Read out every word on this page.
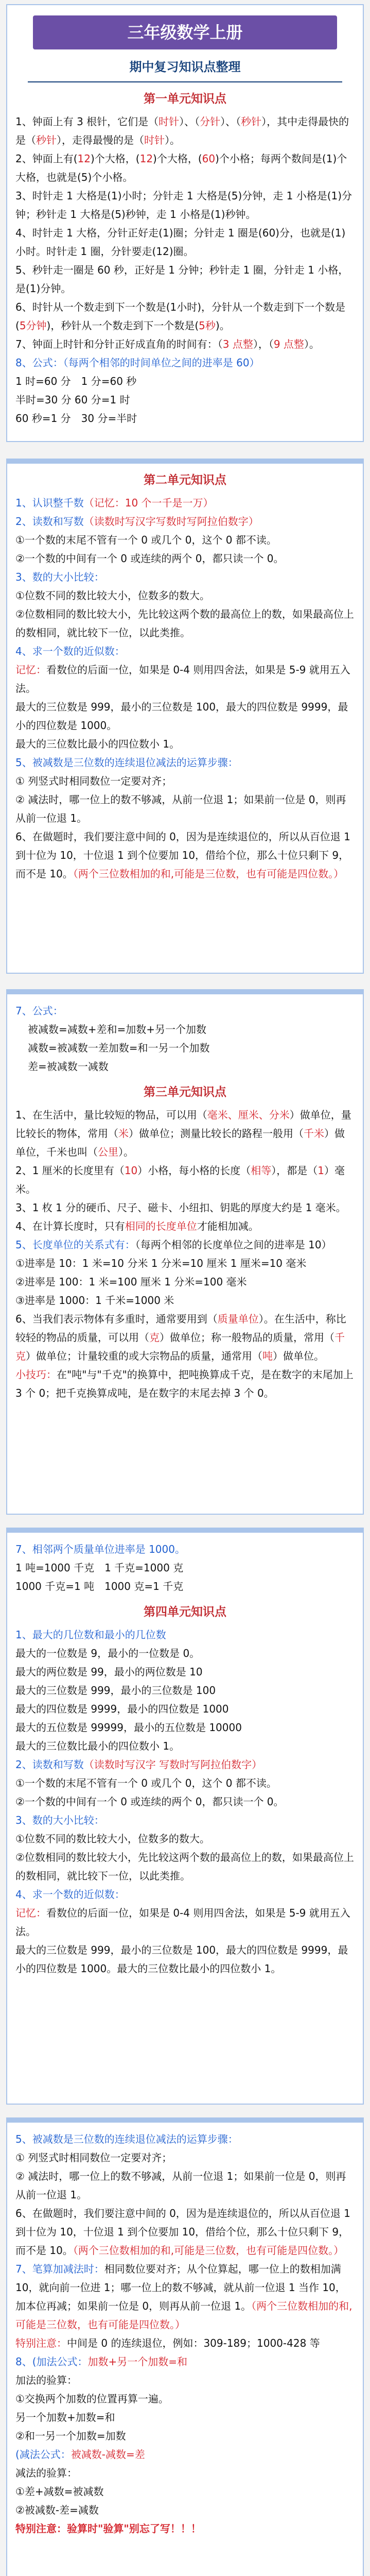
三年级数学上册
期中复习知识点整理
第一单元知识点

1、钟面上有 3 根针，它们是（时针）、（分针）、（秒针），其中走得最快的是（秒针），走得最慢的是（时针）。

2、钟面上有(12)个大格，(12)个大格，(60)个小格；每两个数间是(1)个大格，也就是(5)个小格。

3、时针走 1 大格是(1)小时；分针走 1 大格是(5)分钟，走 1 小格是(1)分钟；秒针走 1 大格是(5)秒钟，走 1 小格是(1)秒钟。

4、时针走 1 大格，分针正好走(1)圈；分针走 1 圈是(60)分，也就是(1)小时。时针走 1 圈，分针要走(12)圈。

5、秒针走一圈是 60 秒，正好是 1 分钟；秒针走 1 圈，分针走 1 小格，是(1)分钟。

6、时针从一个数走到下一个数是(1小时)，分针从一个数走到下一个数是(5分钟)，秒针从一个数走到下一个数是(5秒)。

7、钟面上时针和分针正好成直角的时间有：（3 点整），（9 点整）。

8、公式：（每两个相邻的时间单位之间的进率是 60）

1 时=60 分　1 分=60 秒

半时=30 分 60 分=1 时

60 秒=1 分　30 分=半时

第二单元知识点

1、认识整千数（记忆：10 个一千是一万）

2、读数和写数（读数时写汉字写数时写阿拉伯数字）

①一个数的末尾不管有一个 0 或几个 0，这个 0 都不读。

②一个数的中间有一个 0 或连续的两个 0，都只读一个 0。

3、数的大小比较：

①位数不同的数比较大小，位数多的数大。

②位数相同的数比较大小，先比较这两个数的最高位上的数，如果最高位上的数相同，就比较下一位，以此类推。

4、求一个数的近似数：

记忆：看数位的后面一位，如果是 0-4 则用四舍法，如果是 5-9 就用五入法。

最大的三位数是 999，最小的三位数是 100，最大的四位数是 9999，最小的四位数是 1000。

最大的三位数比最小的四位数小 1。

5、被减数是三位数的连续退位减法的运算步骤：

① 列竖式时相同数位一定要对齐；

② 减法时，哪一位上的数不够减，从前一位退 1；如果前一位是 0，则再从前一位退 1。

6、在做题时，我们要注意中间的 0，因为是连续退位的，所以从百位退 1 到十位为 10，十位退 1 到个位要加 10，借给个位，那么十位只剩下 9，而不是 10。（两个三位数相加的和,可能是三位数，也有可能是四位数。）

7、公式：

被减数=减数+差和=加数+另一个加数

减数=被减数一差加数=和一另一个加数

差=被减数一减数

第三单元知识点

1、在生活中，量比较短的物品，可以用（毫米、厘米、分米）做单位，量比较长的物体，常用（米）做单位；测量比较长的路程一般用（千米）做单位，千米也叫（公里）。

2、1 厘米的长度里有（10）小格，每小格的长度（相等），都是（1）毫米。

3、1 枚 1 分的硬币、尺子、磁卡、小纽扣、钥匙的厚度大约是 1 毫米。

4、在计算长度时，只有相同的长度单位才能相加减。

5、长度单位的关系式有：（每两个相邻的长度单位之间的进率是 10）

①进率是 10：1 米=10 分米 1 分米=10 厘米 1 厘米=10 毫米

②进率是 100：1 米=100 厘米 1 分米=100 毫米

③进率是 1000：1 千米=1000 米

6、当我们表示物体有多重时，通常要用到（质量单位）。在生活中，称比较轻的物品的质量，可以用（克）做单位；称一般物品的质量，常用（千克）做单位；计量较重的或大宗物品的质量，通常用（吨）做单位。

小技巧：在"吨"与"千克"的换算中，把吨换算成千克，是在数字的末尾加上 3 个 0；把千克换算成吨，是在数字的末尾去掉 3 个 0。

7、相邻两个质量单位进率是 1000。

1 吨=1000 千克　1 千克=1000 克

1000 千克=1 吨　1000 克=1 千克

第四单元知识点

1、最大的几位数和最小的几位数

最大的一位数是 9，最小的一位数是 0。

最大的两位数是 99，最小的两位数是 10

最大的三位数是 999，最小的三位数是 100

最大的四位数是 9999，最小的四位数是 1000

最大的五位数是 99999，最小的五位数是 10000

最大的三位数比最小的四位数小 1。

2、读数和写数（读数时写汉字 写数时写阿拉伯数字）

①一个数的末尾不管有一个 0 或几个 0，这个 0 都不读。

②一个数的中间有一个 0 或连续的两个 0，都只读一个 0。

3、数的大小比较：

①位数不同的数比较大小，位数多的数大。

②位数相同的数比较大小，先比较这两个数的最高位上的数，如果最高位上的数相同，就比较下一位，以此类推。

4、求一个数的近似数：

记忆：看数位的后面一位，如果是 0-4 则用四舍法，如果是 5-9 就用五入法。

最大的三位数是 999，最小的三位数是 100，最大的四位数是 9999，最小的四位数是 1000。最大的三位数比最小的四位数小 1。

5、被减数是三位数的连续退位减法的运算步骤：

① 列竖式时相同数位一定要对齐；

② 减法时，哪一位上的数不够减，从前一位退 1；如果前一位是 0，则再从前一位退 1。

6、在做题时，我们要注意中间的 0，因为是连续退位的，所以从百位退 1 到十位为 10，十位退 1 到个位要加 10，借给个位，那么十位只剩下 9，而不是 10。（两个三位数相加的和,可能是三位数，也有可能是四位数。）

7、笔算加减法时：相同数位要对齐；从个位算起，哪一位上的数相加满 10，就向前一位进 1；哪一位上的数不够减，就从前一位退 1 当作 10，加本位再减；如果前一位是 0，则再从前一位退 1。（两个三位数相加的和,可能是三位数，也有可能是四位数。）

特别注意：中间是 0 的连续退位，例如：309-189；1000-428 等

8、(加法公式：加数+另一个加数=和

加法的验算：

①交换两个加数的位置再算一遍。

另一个加数+加数=和

②和一另一个加数=加数

(减法公式：被减数-减数=差

减法的验算：

①差+减数=被减数

②被减数-差=减数

特别注意：验算时"验算"别忘了写！！！
